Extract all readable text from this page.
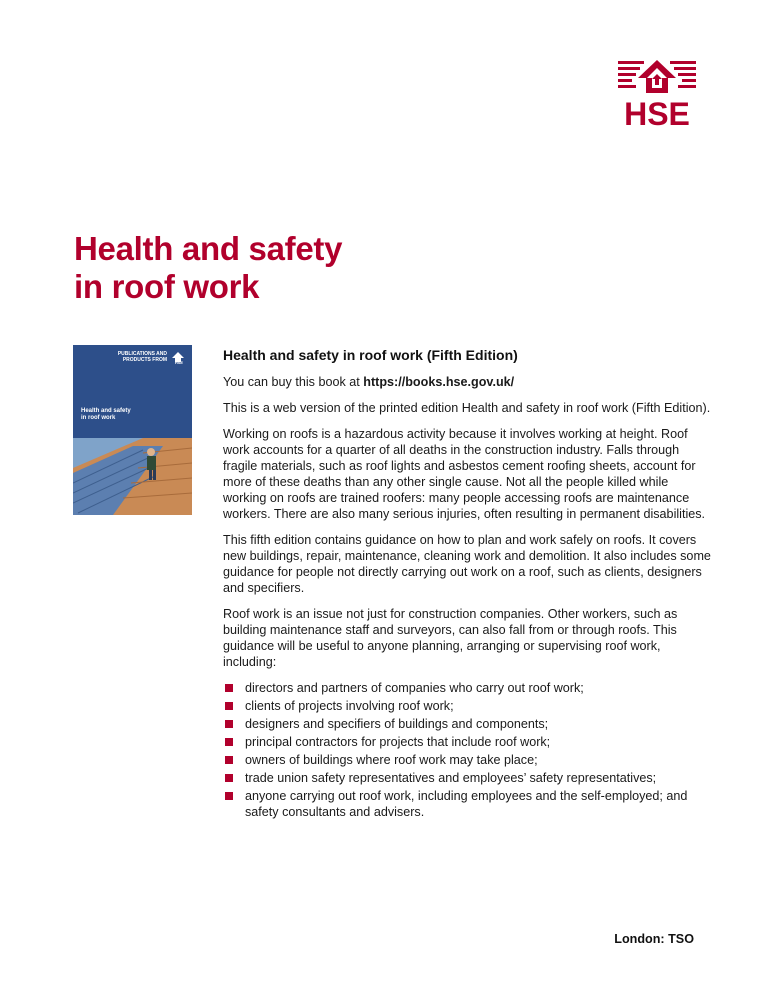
HSE
Health and safety
in roof work
PUBLICATIONS AND
PRODUCTS FROM	HSE
Health and safety
in roof work
Health and safety in roof work (Fifth Edition)

You can buy this book at https://books.hse.gov.uk/

This is a web version of the printed edition Health and safety in roof work (Fifth Edition).

Working on roofs is a hazardous activity because it involves working at height. Roof work accounts for a quarter of all deaths in the construction industry. Falls through fragile materials, such as roof lights and asbestos cement roofing sheets, account for more of these deaths than any other single cause. Not all the people killed while working on roofs are trained roofers: many people accessing roofs are maintenance workers. There are also many serious injuries, often resulting in permanent disabilities.

This fifth edition contains guidance on how to plan and work safely on roofs. It covers new buildings, repair, maintenance, cleaning work and demolition. It also includes some guidance for people not directly carrying out work on a roof, such as clients, designers and specifiers.

Roof work is an issue not just for construction companies. Other workers, such as building maintenance staff and surveyors, can also fall from or through roofs. This guidance will be useful to anyone planning, arranging or supervising roof work, including:

directors and partners of companies who carry out roof work;
clients of projects involving roof work;
designers and specifiers of buildings and components;
principal contractors for projects that include roof work;
owners of buildings where roof work may take place;
trade union safety representatives and employees’ safety representatives;
anyone carrying out roof work, including employees and the self-employed; and safety consultants and advisers.
London: TSO
